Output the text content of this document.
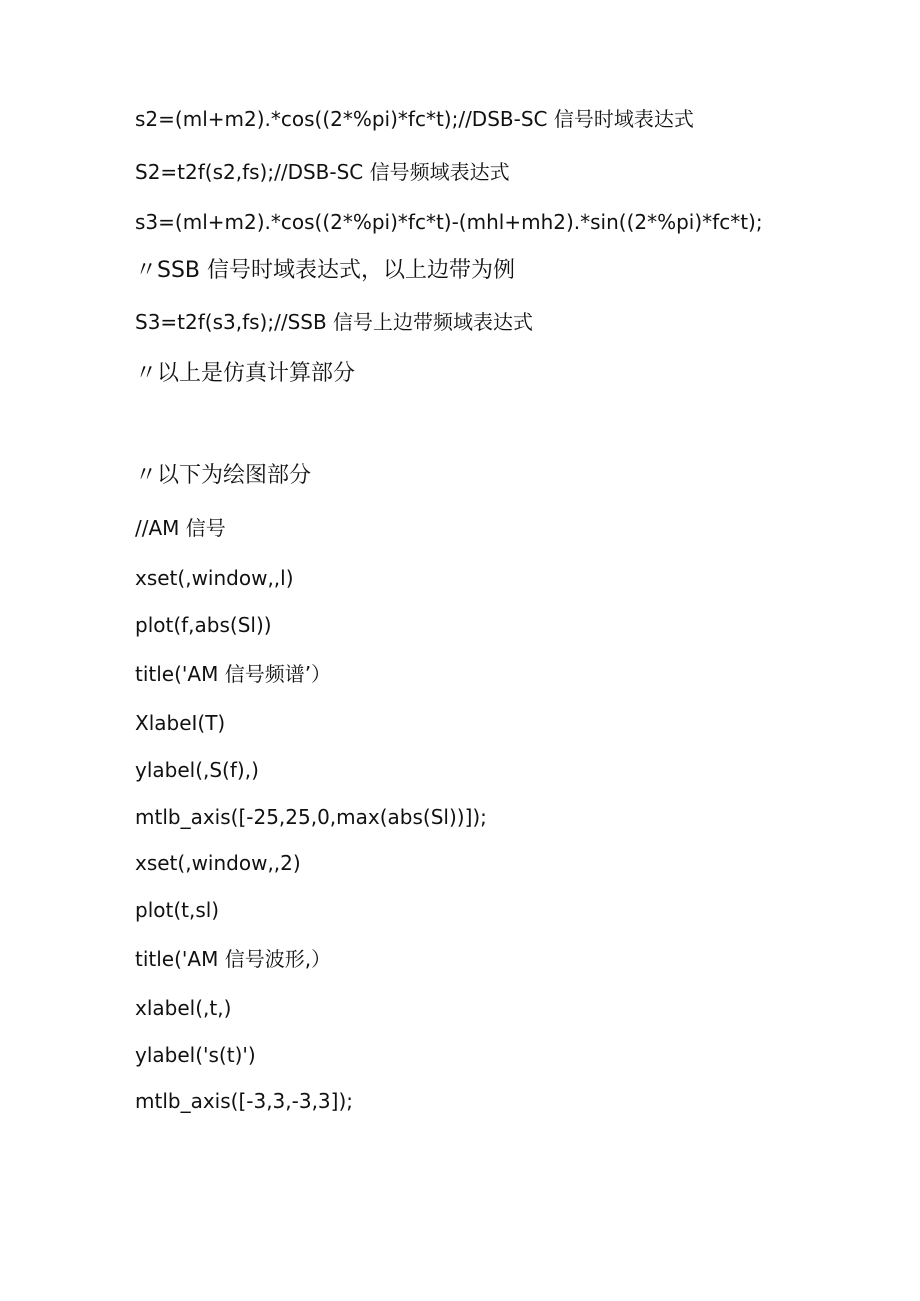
s2=(ml+m2).*cos((2*%pi)*fc*t);//DSB-SC 信号时域表达式

S2=t2f(s2,fs);//DSB-SC 信号频域表达式

s3=(ml+m2).*cos((2*%pi)*fc*t)-(mhl+mh2).*sin((2*%pi)*fc*t);

〃SSB 信号时域表达式，以上边带为例

S3=t2f(s3,fs);//SSB 信号上边带频域表达式

〃以上是仿真计算部分

〃以下为绘图部分

//AM 信号

xset(,window,,l)

plot(f,abs(Sl))

title('AM 信号频谱’）

XlabeI(T)

ylabel(,S(f),)

mtlb_axis([-25,25,0,max(abs(Sl))]);

xset(,window,,2)

plot(t,sl)

title('AM 信号波形,）

xlabel(,t,)

ylabel('s(t)')

mtlb_axis([-3,3,-3,3]);
